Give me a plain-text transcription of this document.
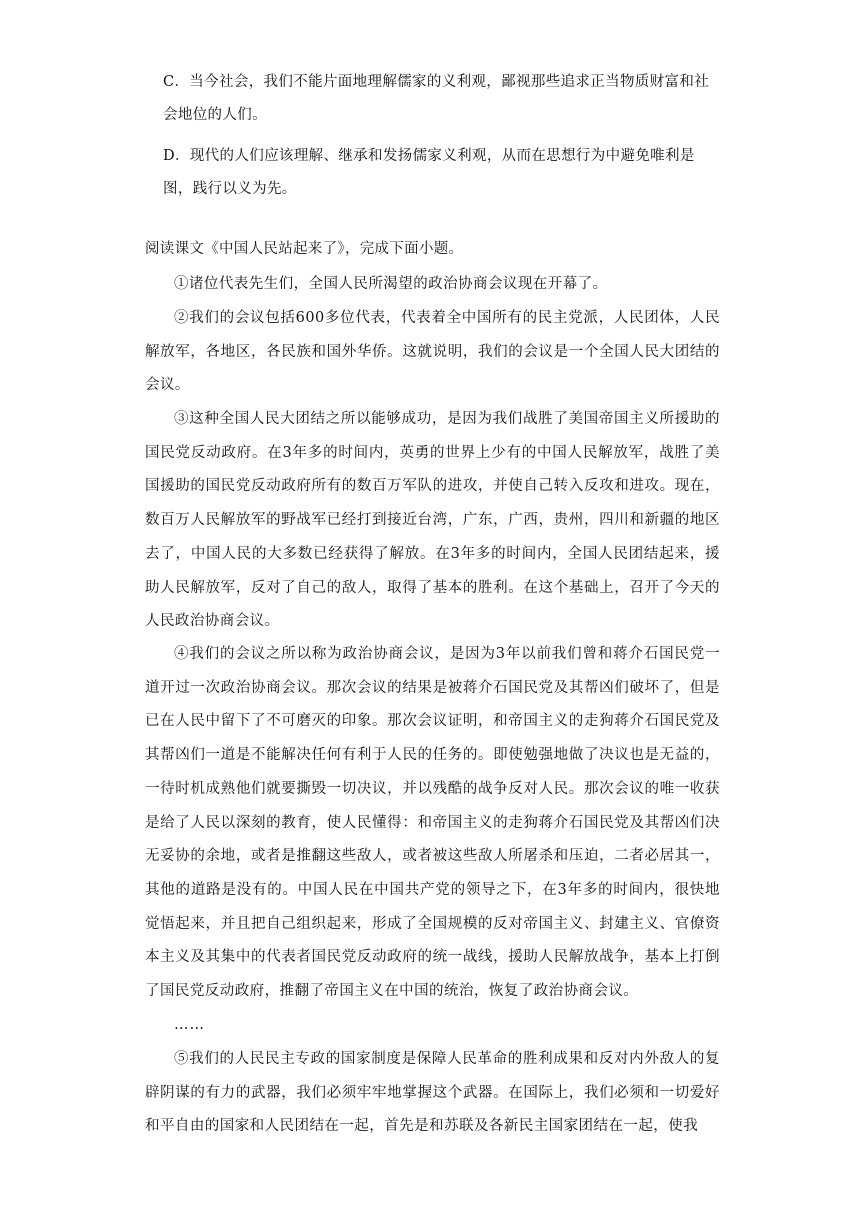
C．当今社会，我们不能片面地理解儒家的义利观，鄙视那些追求正当物质财富和社会地位的人们。
D．现代的人们应该理解、继承和发扬儒家义利观，从而在思想行为中避免唯利是图，践行以义为先。
阅读课文《中国人民站起来了》，完成下面小题。

①诸位代表先生们，全国人民所渴望的政治协商会议现在开幕了。

②我们的会议包括600多位代表，代表着全中国所有的民主党派，人民团体，人民解放军，各地区，各民族和国外华侨。这就说明，我们的会议是一个全国人民大团结的会议。

③这种全国人民大团结之所以能够成功，是因为我们战胜了美国帝国主义所援助的国民党反动政府。在3年多的时间内，英勇的世界上少有的中国人民解放军，战胜了美国援助的国民党反动政府所有的数百万军队的进攻，并使自己转入反攻和进攻。现在，数百万人民解放军的野战军已经打到接近台湾，广东，广西，贵州，四川和新疆的地区去了，中国人民的大多数已经获得了解放。在3年多的时间内，全国人民团结起来，援助人民解放军，反对了自己的敌人，取得了基本的胜利。在这个基础上，召开了今天的人民政治协商会议。

④我们的会议之所以称为政治协商会议，是因为3年以前我们曾和蒋介石国民党一道开过一次政治协商会议。那次会议的结果是被蒋介石国民党及其帮凶们破坏了，但是已在人民中留下了不可磨灭的印象。那次会议证明，和帝国主义的走狗蒋介石国民党及其帮凶们一道是不能解决任何有利于人民的任务的。即使勉强地做了决议也是无益的，一待时机成熟他们就要撕毁一切决议，并以残酷的战争反对人民。那次会议的唯一收获是给了人民以深刻的教育，使人民懂得：和帝国主义的走狗蒋介石国民党及其帮凶们决无妥协的余地，或者是推翻这些敌人，或者被这些敌人所屠杀和压迫，二者必居其一，其他的道路是没有的。中国人民在中国共产党的领导之下，在3年多的时间内，很快地觉悟起来，并且把自己组织起来，形成了全国规模的反对帝国主义、封建主义、官僚资本主义及其集中的代表者国民党反动政府的统一战线，援助人民解放战争，基本上打倒了国民党反动政府，推翻了帝国主义在中国的统治，恢复了政治协商会议。

……

⑤我们的人民民主专政的国家制度是保障人民革命的胜利成果和反对内外敌人的复辟阴谋的有力的武器，我们必须牢牢地掌握这个武器。在国际上，我们必须和一切爱好和平自由的国家和人民团结在一起，首先是和苏联及各新民主国家团结在一起，使我
